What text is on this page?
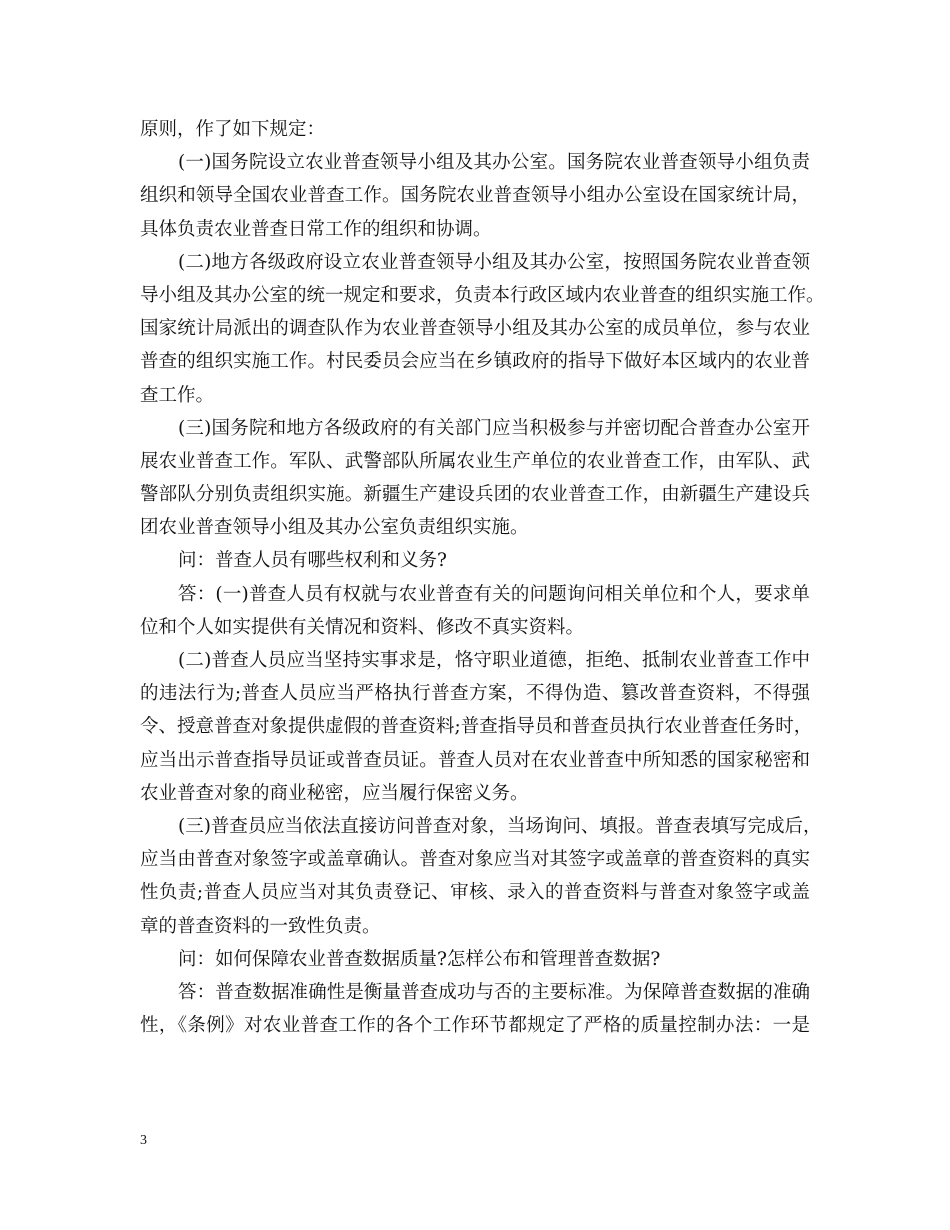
原则，作了如下规定：
(一)国务院设立农业普查领导小组及其办公室。国务院农业普查领导小组负责
组织和领导全国农业普查工作。国务院农业普查领导小组办公室设在国家统计局，
具体负责农业普查日常工作的组织和协调。
(二)地方各级政府设立农业普查领导小组及其办公室，按照国务院农业普查领
导小组及其办公室的统一规定和要求，负责本行政区域内农业普查的组织实施工作。
国家统计局派出的调查队作为农业普查领导小组及其办公室的成员单位，参与农业
普查的组织实施工作。村民委员会应当在乡镇政府的指导下做好本区域内的农业普
查工作。
(三)国务院和地方各级政府的有关部门应当积极参与并密切配合普查办公室开
展农业普查工作。军队、武警部队所属农业生产单位的农业普查工作，由军队、武
警部队分别负责组织实施。新疆生产建设兵团的农业普查工作，由新疆生产建设兵
团农业普查领导小组及其办公室负责组织实施。
问：普查人员有哪些权利和义务?
答：(一)普查人员有权就与农业普查有关的问题询问相关单位和个人，要求单
位和个人如实提供有关情况和资料、修改不真实资料。
(二)普查人员应当坚持实事求是，恪守职业道德，拒绝、抵制农业普查工作中
的违法行为;普查人员应当严格执行普查方案，不得伪造、篡改普查资料，不得强
令、授意普查对象提供虚假的普查资料;普查指导员和普查员执行农业普查任务时，
应当出示普查指导员证或普查员证。普查人员对在农业普查中所知悉的国家秘密和
农业普查对象的商业秘密，应当履行保密义务。
(三)普查员应当依法直接访问普查对象，当场询问、填报。普查表填写完成后，
应当由普查对象签字或盖章确认。普查对象应当对其签字或盖章的普查资料的真实
性负责;普查人员应当对其负责登记、审核、录入的普查资料与普查对象签字或盖
章的普查资料的一致性负责。
问：如何保障农业普查数据质量?怎样公布和管理普查数据?
答：普查数据准确性是衡量普查成功与否的主要标准。为保障普查数据的准确
性，《条例》对农业普查工作的各个工作环节都规定了严格的质量控制办法：一是
3
